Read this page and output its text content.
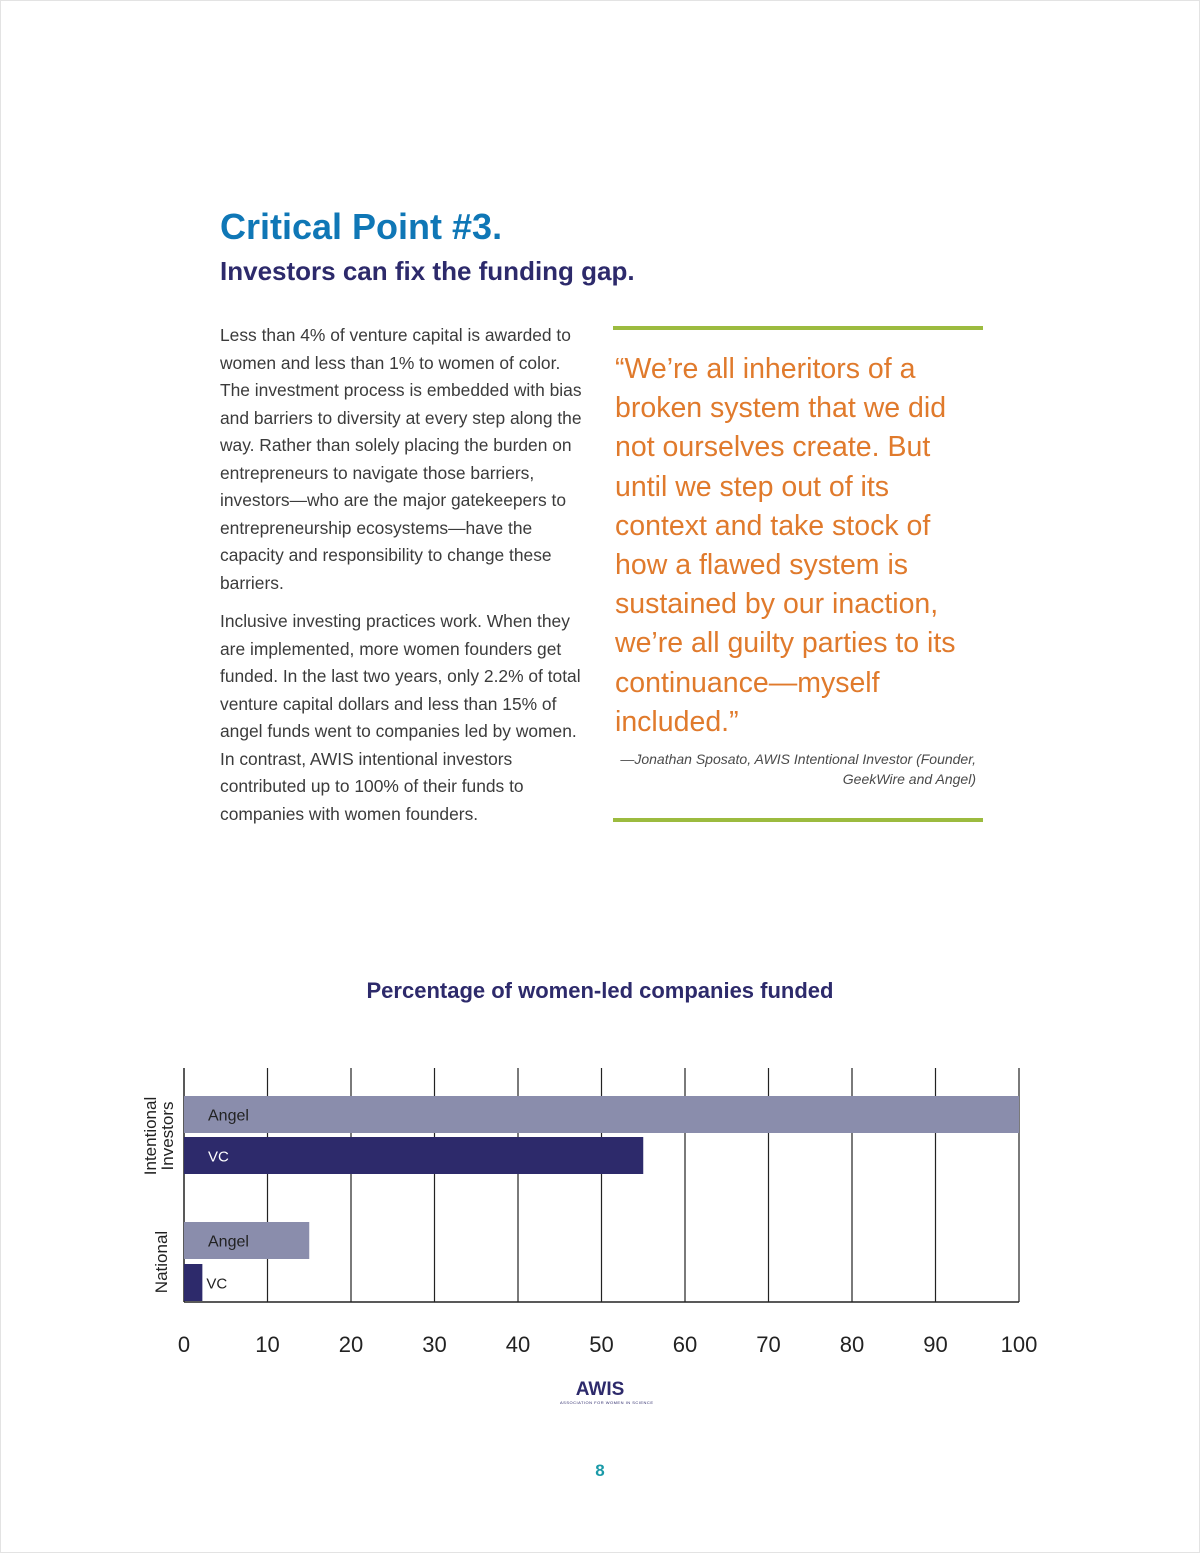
Critical Point #3.
Investors can fix the funding gap.

Less than 4% of venture capital is awarded to women and less than 1% to women of color. The investment process is embedded with bias and barriers to diversity at every step along the way. Rather than solely placing the burden on entrepreneurs to navigate those barriers, investors—who are the major gatekeepers to entrepreneurship ecosystems—have the capacity and responsibility to change these barriers.

Inclusive investing practices work. When they are implemented, more women founders get funded. In the last two years, only 2.2% of total venture capital dollars and less than 15% of angel funds went to companies led by women. In contrast, AWIS intentional investors contributed up to 100% of their funds to companies with women founders.

“We’re all inheritors of a broken system that we did not ourselves create. But until we step out of its context and take stock of how a flawed system is sustained by our inaction, we’re all guilty parties to its continuance—myself included.”

—Jonathan Sposato, AWIS Intentional Investor (Founder, GeekWire and Angel)
Percentage of women-led companies funded
0	10	20	30	40	50	60	70	80	90 100
Angel
VC
IntentionalInvestors
Angel
VC
National
AWIS
ASSOCIATION FOR WOMEN IN SCIENCE
8
